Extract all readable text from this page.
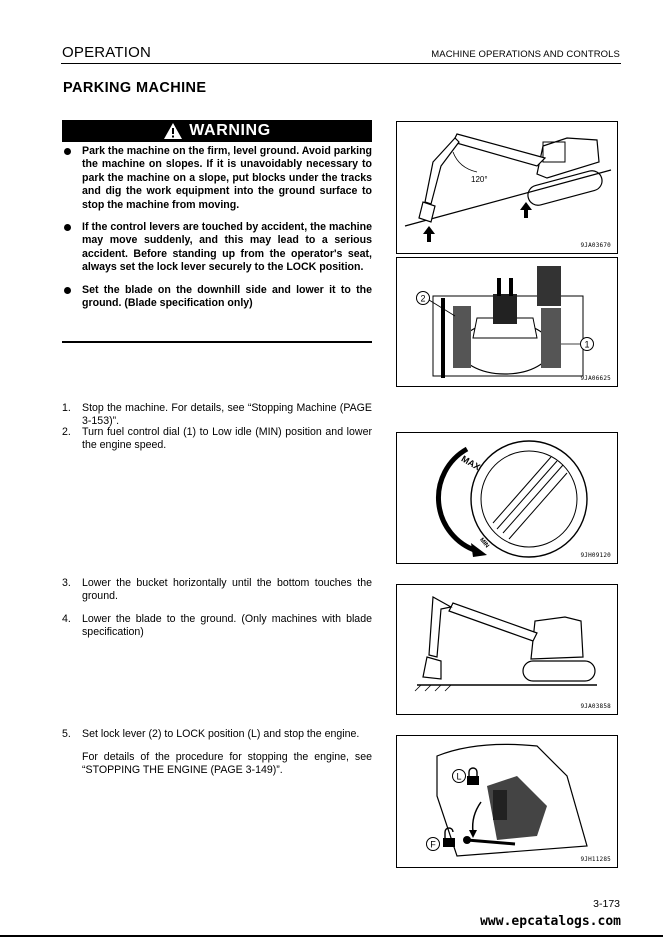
OPERATION	MACHINE OPERATIONS AND CONTROLS
PARKING MACHINE
WARNING
Park the machine on the firm, level ground. Avoid parking the machine on slopes. If it is unavoidably necessary to park the machine on a slope, put blocks under the tracks and dig the work equipment into the ground surface to stop the machine from moving.
If the control levers are touched by accident, the machine may move suddenly, and this may lead to a serious accident. Before standing up from the operator's seat, always set the lock lever securely to the LOCK position.
Set the blade on the downhill side and lower it to the ground. (Blade specification only)
1. Stop the machine. For details, see “Stopping Machine (PAGE 3-153)”.
2. Turn fuel control dial (1) to Low idle (MIN) position and lower the engine speed.
3. Lower the bucket horizontally until the bottom touches the ground.
4. Lower the blade to the ground. (Only machines with blade specification)
5. Set lock lever (2) to LOCK position (L) and stop the engine.
For details of the procedure for stopping the engine, see “STOPPING THE ENGINE (PAGE 3-149)”.
120°
9JA03670
2
1
9JA06625
MAX
MIN
9JH09120
9JA03858
L
F
9JH11285
3-173
www.epcatalogs.com
